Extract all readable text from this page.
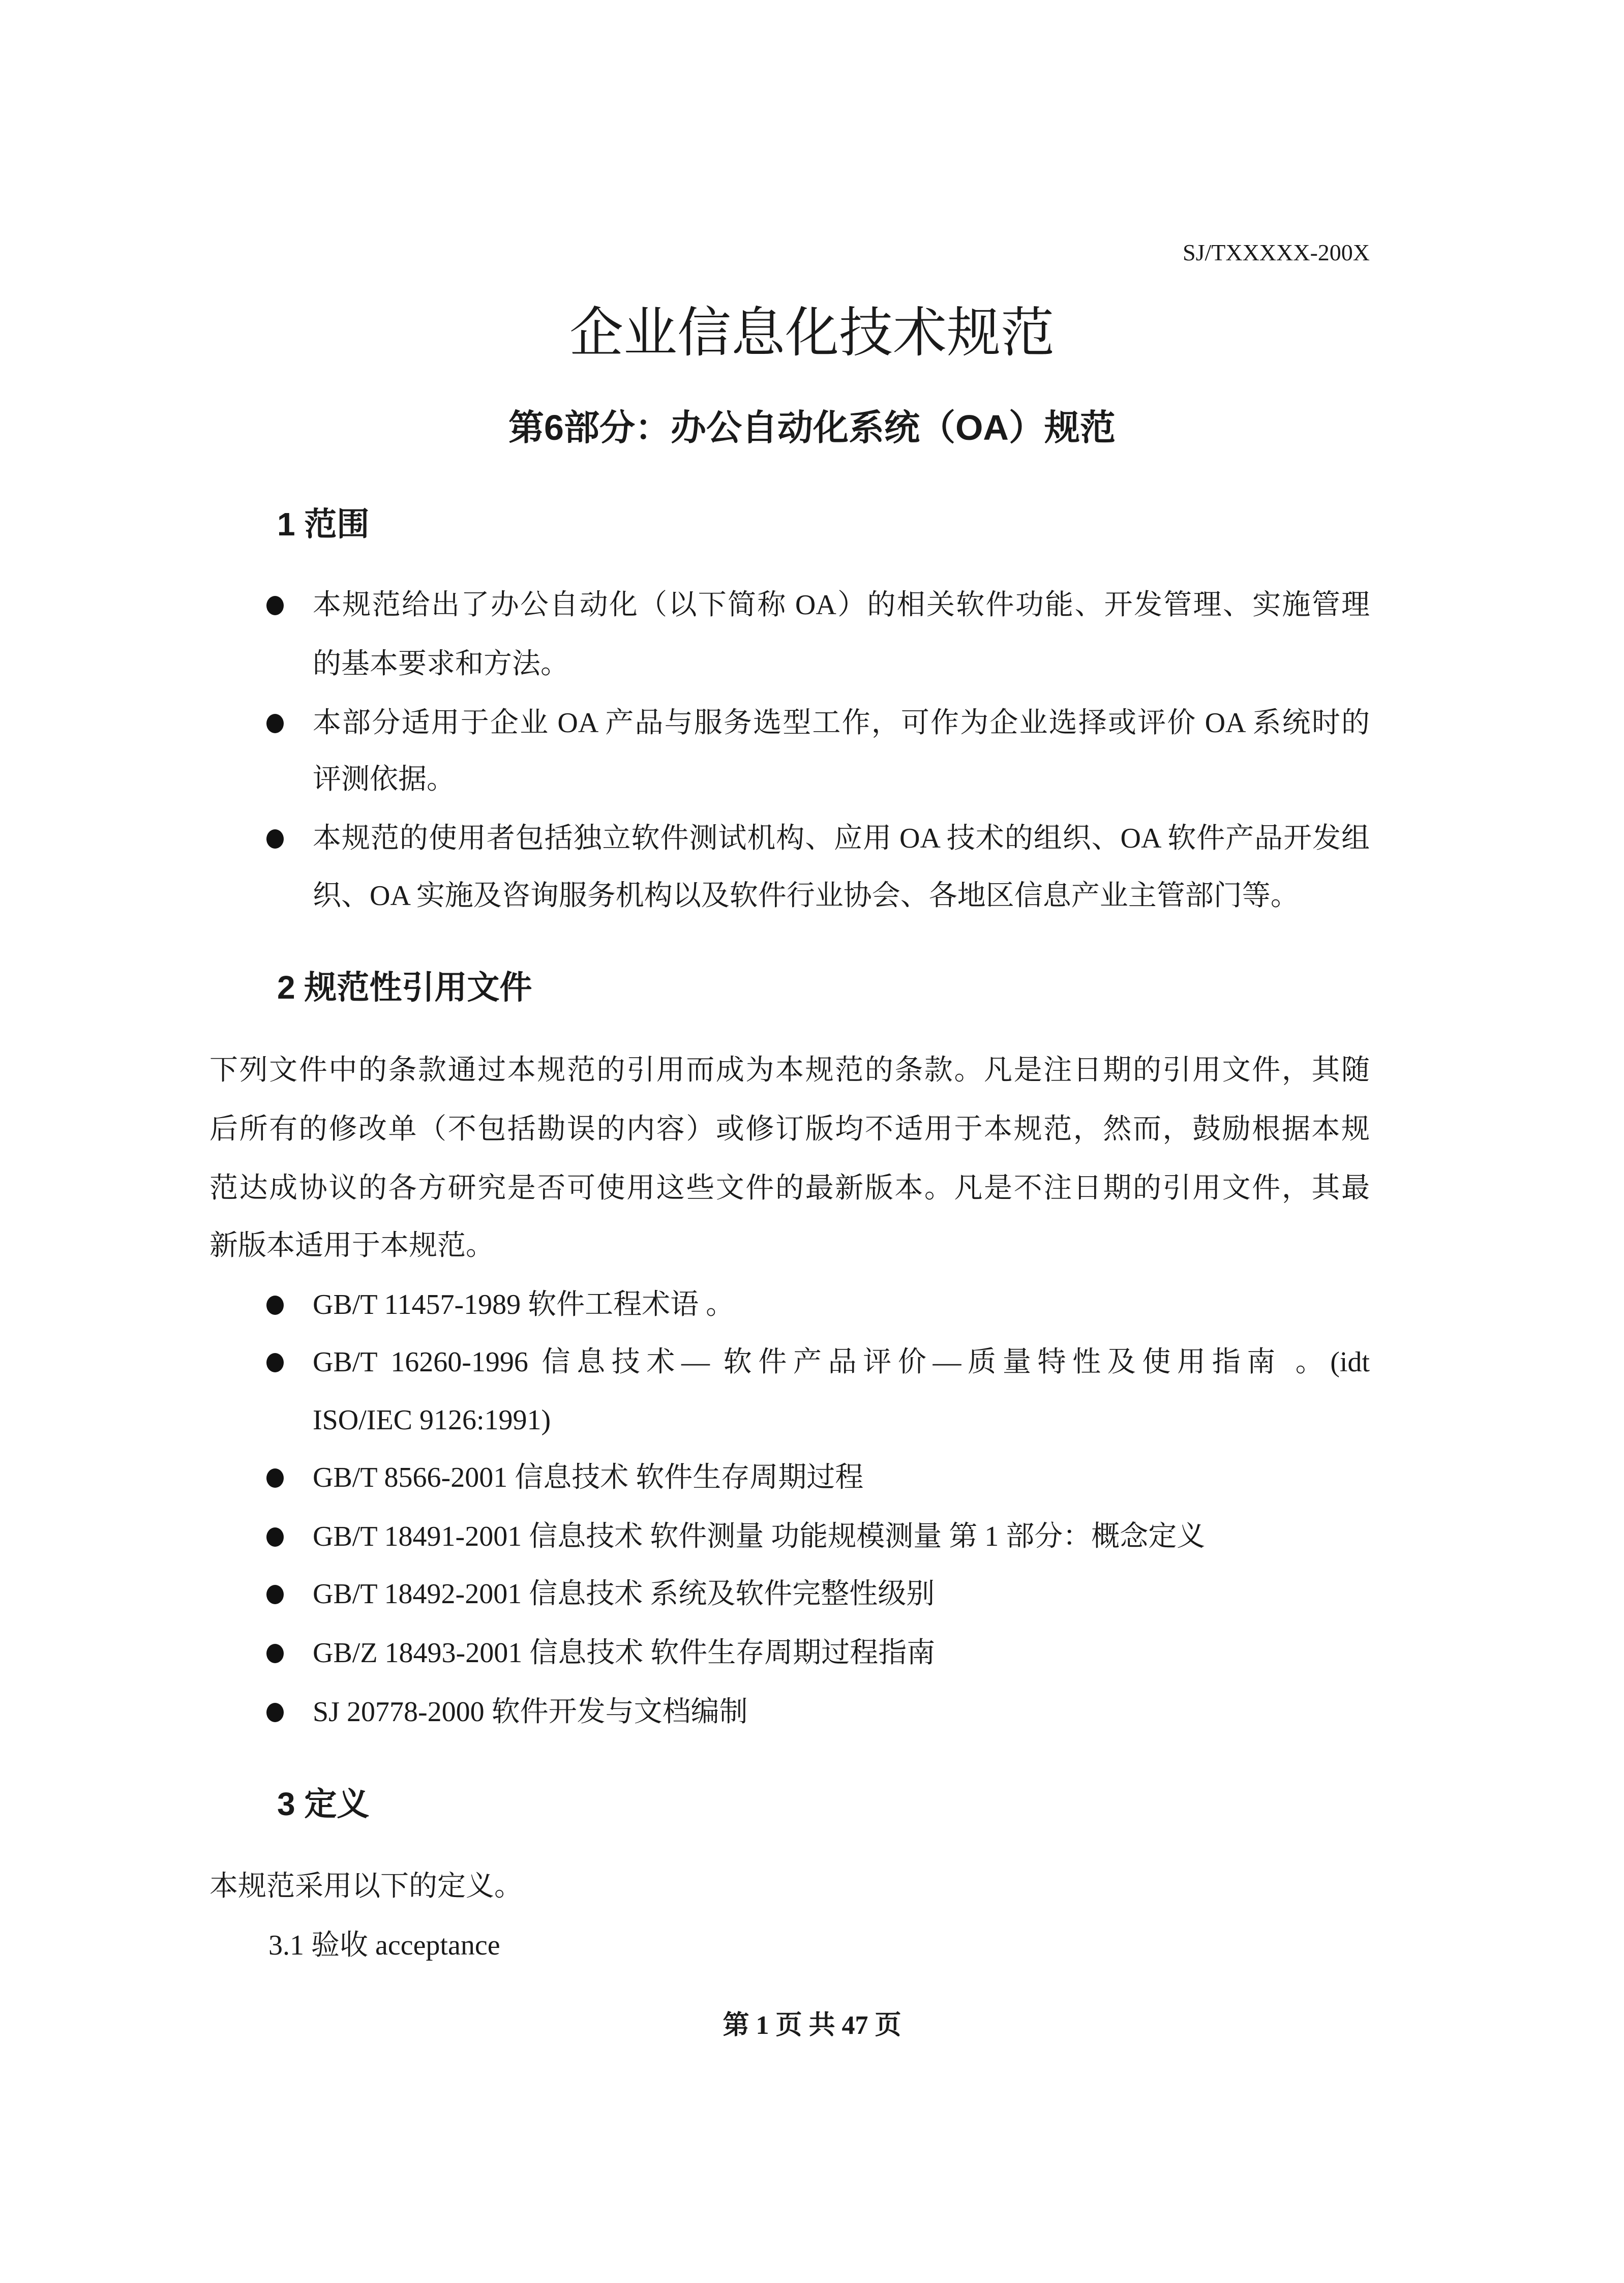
SJ/TXXXXX-200X
企业信息化技术规范
第6部分：办公自动化系统（OA）规范
1 范围
本规范给出了办公自动化（以下简称 OA）的相关软件功能、开发管理、实施管理
的基本要求和方法。
本部分适用于企业 OA 产品与服务选型工作，可作为企业选择或评价 OA 系统时的
评测依据。
本规范的使用者包括独立软件测试机构、应用 OA 技术的组织、OA 软件产品开发组
织、OA 实施及咨询服务机构以及软件行业协会、各地区信息产业主管部门等。
2 规范性引用文件
下列文件中的条款通过本规范的引用而成为本规范的条款。凡是注日期的引用文件，其随
后所有的修改单（不包括勘误的内容）或修订版均不适用于本规范，然而，鼓励根据本规
范达成协议的各方研究是否可使用这些文件的最新版本。凡是不注日期的引用文件，其最
新版本适用于本规范。
GB/T 11457-1989 软件工程术语 。
GB/T 16260-1996 信息技术— 软件产品评价—质量特性及使用指南 。(idt
ISO/IEC 9126:1991)
GB/T 8566-2001 信息技术 软件生存周期过程
GB/T 18491-2001 信息技术 软件测量 功能规模测量 第 1 部分：概念定义
GB/T 18492-2001 信息技术 系统及软件完整性级别
GB/Z 18493-2001 信息技术 软件生存周期过程指南
SJ 20778-2000 软件开发与文档编制
3 定义
本规范采用以下的定义。
3.1 验收 acceptance
第 1 页 共 47 页
